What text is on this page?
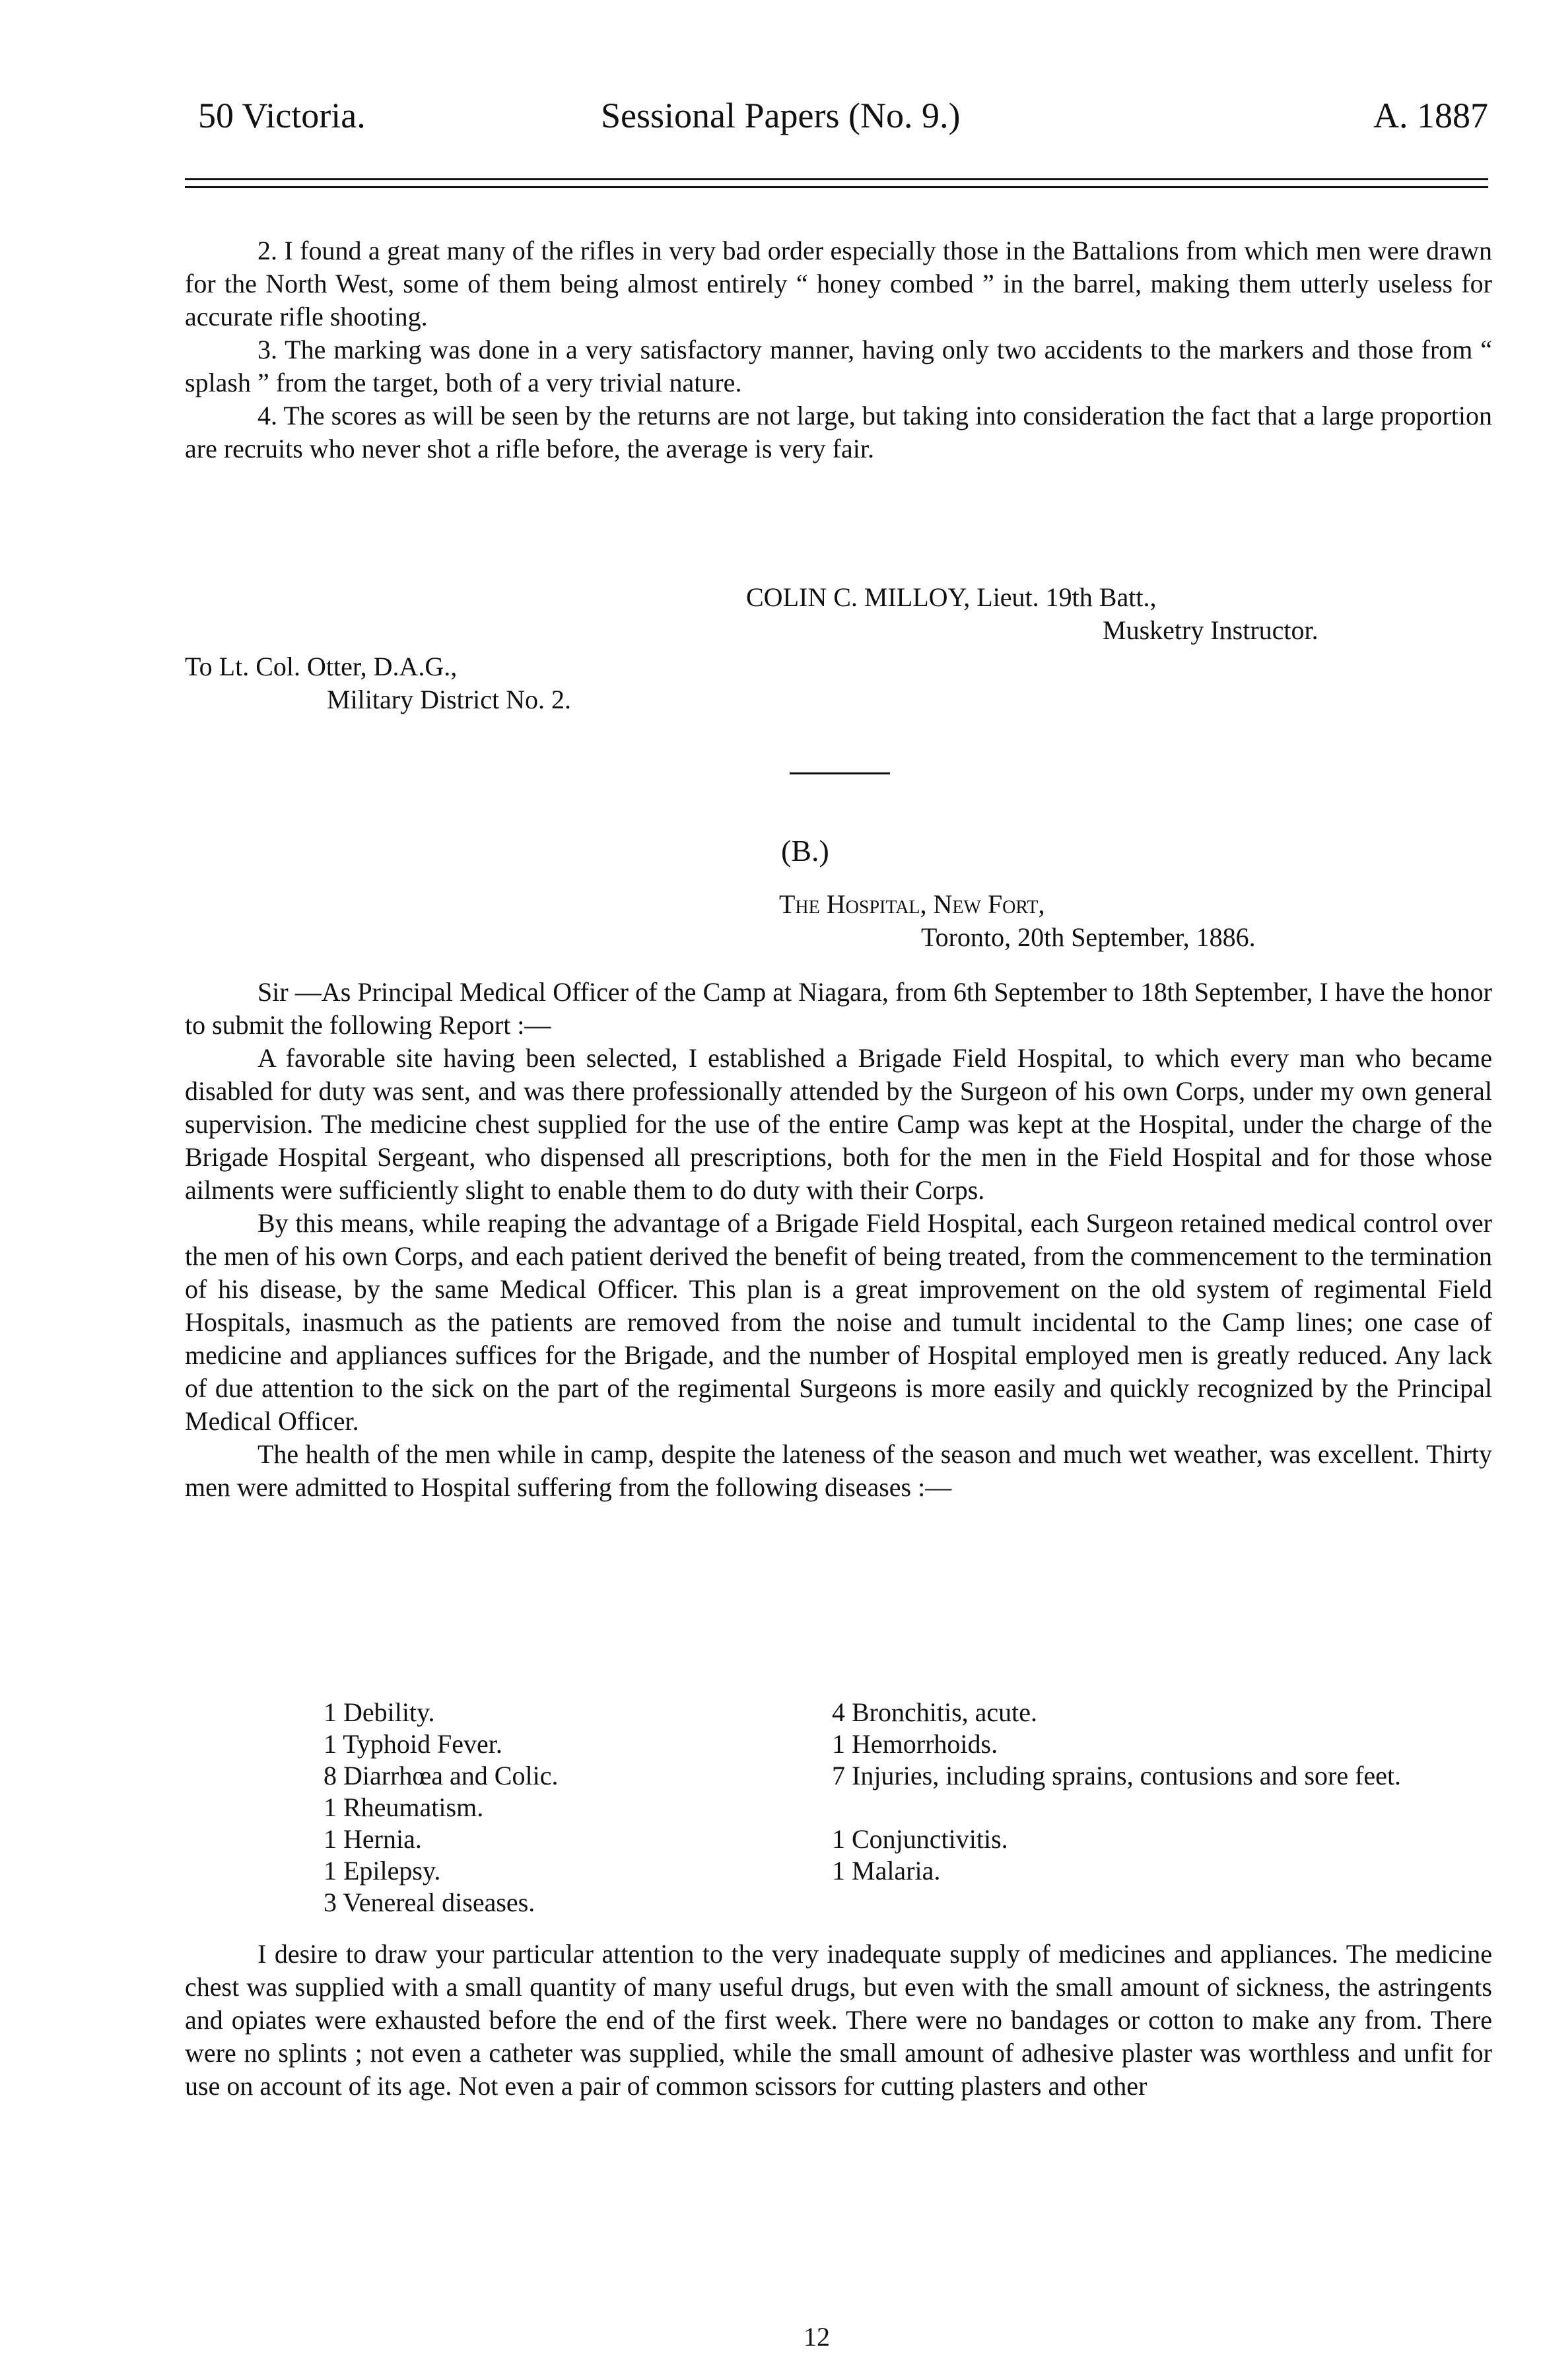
50 Victoria.	Sessional Papers (No. 9.)	A. 1887

2. I found a great many of the rifles in very bad order especially those in the Battalions from which men were drawn for the North West, some of them being almost entirely “ honey combed ” in the barrel, making them utterly useless for accurate rifle shooting.

3. The marking was done in a very satisfactory manner, having only two accidents to the markers and those from “ splash ” from the target, both of a very trivial nature.

4. The scores as will be seen by the returns are not large, but taking into consideration the fact that a large proportion are recruits who never shot a rifle before, the average is very fair.

COLIN C. MILLOY, Lieut. 19th Batt.,
Musketry Instructor.
To Lt. Col. Otter, D.A.G.,
Military District No. 2.
(B.)
The Hospital, New Fort,
Toronto, 20th September, 1886.

Sir —As Principal Medical Officer of the Camp at Niagara, from 6th September to 18th September, I have the honor to submit the following Report :—

A favorable site having been selected, I established a Brigade Field Hospital, to which every man who became disabled for duty was sent, and was there professionally attended by the Surgeon of his own Corps, under my own general supervision. The medicine chest supplied for the use of the entire Camp was kept at the Hospital, under the charge of the Brigade Hospital Sergeant, who dispensed all prescriptions, both for the men in the Field Hospital and for those whose ailments were sufficiently slight to enable them to do duty with their Corps.

By this means, while reaping the advantage of a Brigade Field Hospital, each Surgeon retained medical control over the men of his own Corps, and each patient derived the benefit of being treated, from the commencement to the termination of his disease, by the same Medical Officer. This plan is a great improvement on the old system of regimental Field Hospitals, inasmuch as the patients are removed from the noise and tumult incidental to the Camp lines; one case of medicine and appliances suffices for the Brigade, and the number of Hospital employed men is greatly reduced. Any lack of due attention to the sick on the part of the regimental Surgeons is more easily and quickly recognized by the Principal Medical Officer.

The health of the men while in camp, despite the lateness of the season and much wet weather, was excellent. Thirty men were admitted to Hospital suffering from the following diseases :—

1 Debility.
1 Typhoid Fever.
8 Diarrhœa and Colic.
1 Rheumatism.
1 Hernia.
1 Epilepsy.
3 Venereal diseases.
4 Bronchitis, acute.
1 Hemorrhoids.
7 Injuries, including sprains, contusions and sore feet.
1 Conjunctivitis.
1 Malaria.

I desire to draw your particular attention to the very inadequate supply of medicines and appliances. The medicine chest was supplied with a small quantity of many useful drugs, but even with the small amount of sickness, the astringents and opiates were exhausted before the end of the first week. There were no bandages or cotton to make any from. There were no splints ; not even a catheter was supplied, while the small amount of adhesive plaster was worthless and unfit for use on account of its age. Not even a pair of common scissors for cutting plasters and other

12
